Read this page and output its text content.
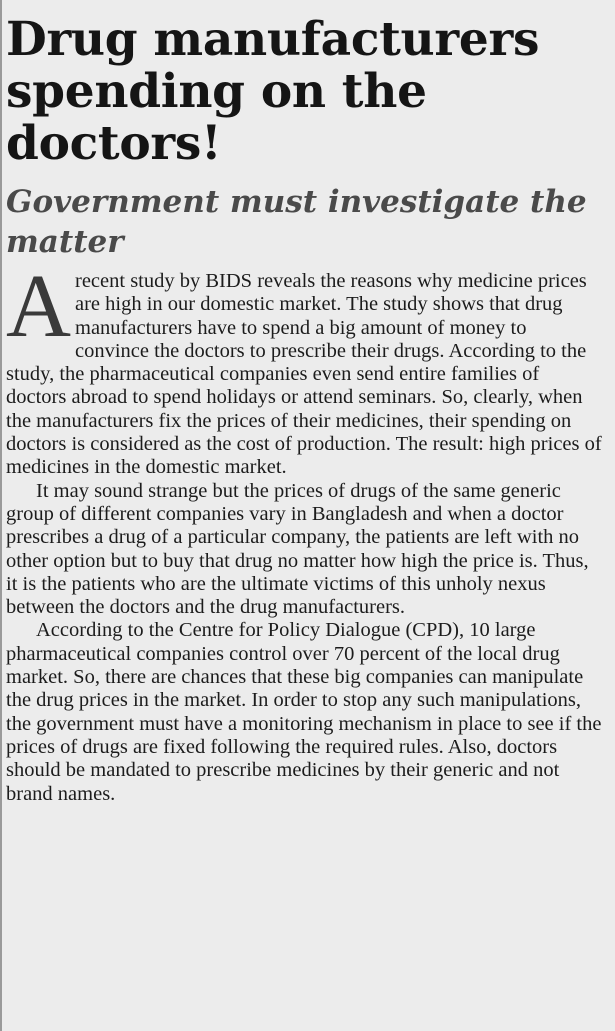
Drug manufacturers spending on the doctors!
Government must investigate the matter

A recent study by BIDS reveals the reasons why medicine prices are high in our domestic market. The study shows that drug manufacturers have to spend a big amount of money to convince the doctors to prescribe their drugs. According to the study, the pharmaceutical companies even send entire families of doctors abroad to spend holidays or attend seminars. So, clearly, when the manufacturers fix the prices of their medicines, their spending on doctors is considered as the cost of production. The result: high prices of medicines in the domestic market.

It may sound strange but the prices of drugs of the same generic group of different companies vary in Bangladesh and when a doctor prescribes a drug of a particular company, the patients are left with no other option but to buy that drug no matter how high the price is. Thus, it is the patients who are the ultimate victims of this unholy nexus between the doctors and the drug manufacturers.

According to the Centre for Policy Dialogue (CPD), 10 large pharmaceutical companies control over 70 percent of the local drug market. So, there are chances that these big companies can manipulate the drug prices in the market. In order to stop any such manipulations, the government must have a monitoring mechanism in place to see if the prices of drugs are fixed following the required rules. Also, doctors should be mandated to prescribe medicines by their generic and not brand names.
